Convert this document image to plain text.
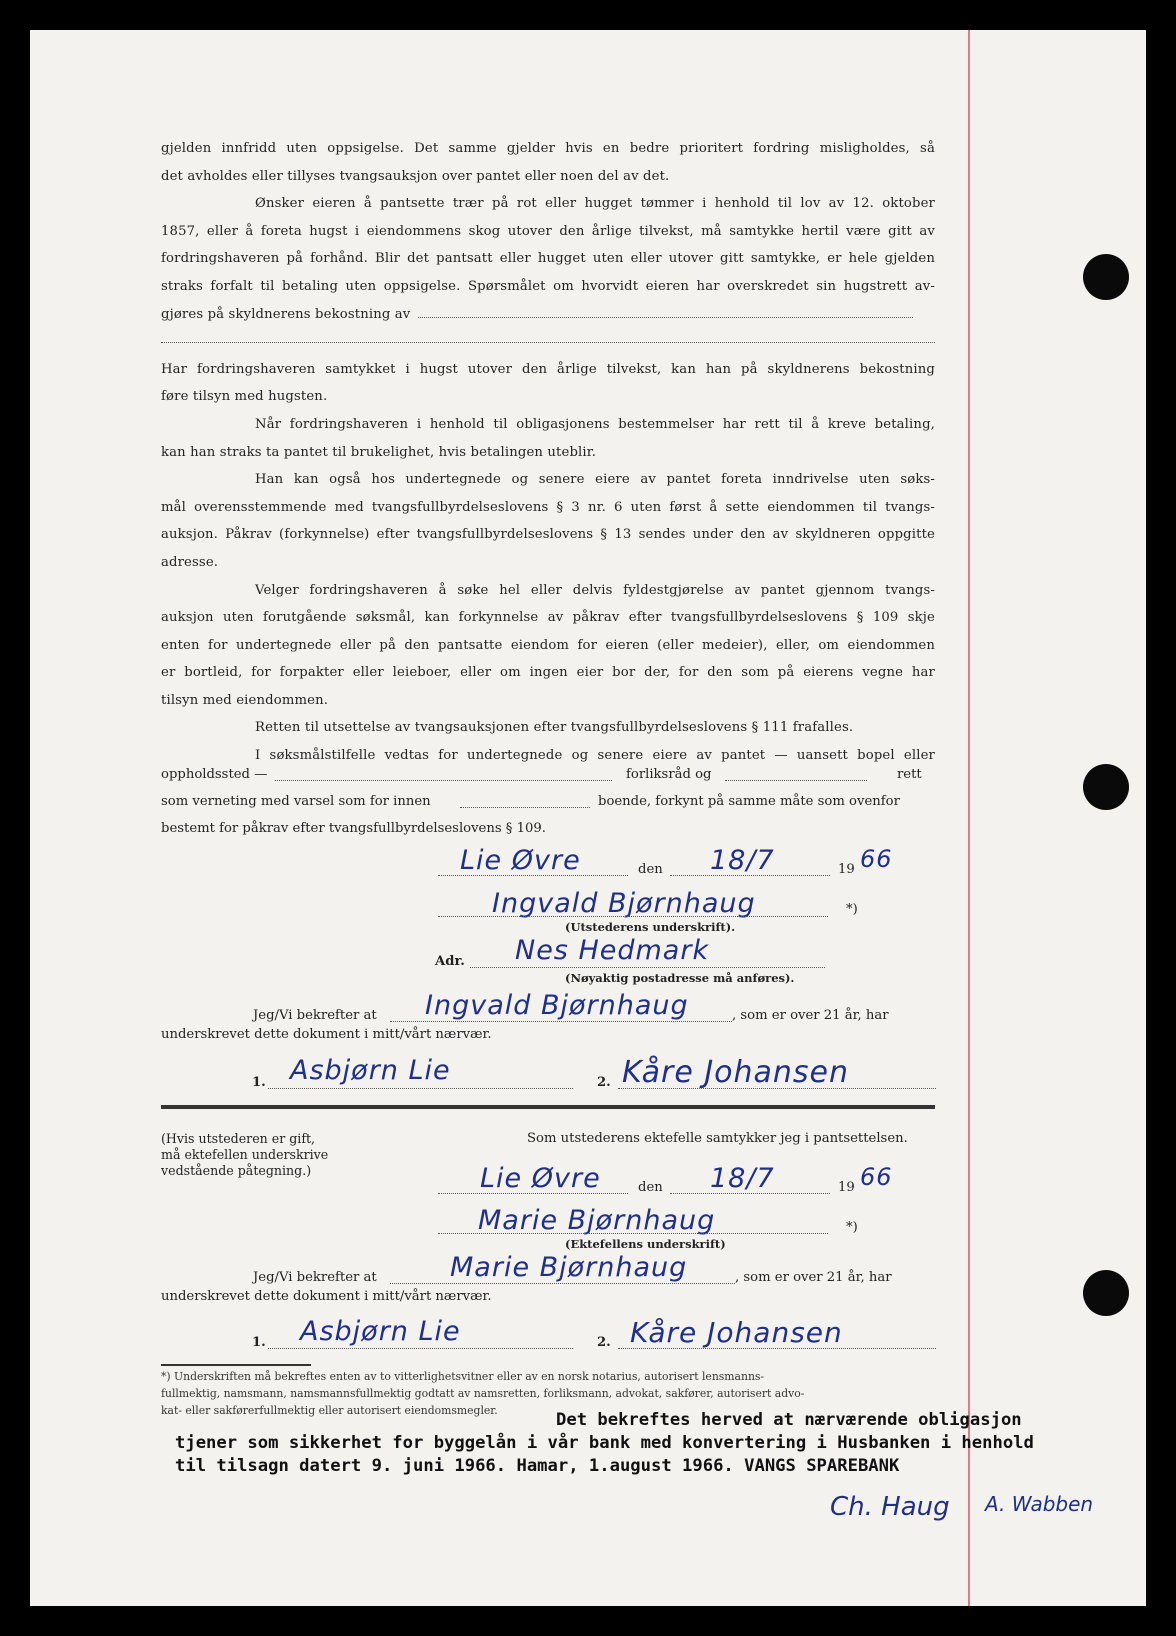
gjelden innfridd uten oppsigelse. Det samme gjelder hvis en bedre prioritert fordring misligholdes, så
det avholdes eller tillyses tvangsauksjon over pantet eller noen del av det.
Ønsker eieren å pantsette trær på rot eller hugget tømmer i henhold til lov av 12. oktober
1857, eller å foreta hugst i eiendommens skog utover den årlige tilvekst, må samtykke hertil være gitt av
fordringshaveren på forhånd. Blir det pantsatt eller hugget uten eller utover gitt samtykke, er hele gjelden
straks forfalt til betaling uten oppsigelse. Spørsmålet om hvorvidt eieren har overskredet sin hugstrett av-
gjøres på skyldnerens bekostning av
Har fordringshaveren samtykket i hugst utover den årlige tilvekst, kan han på skyldnerens bekostning
føre tilsyn med hugsten.
Når fordringshaveren i henhold til obligasjonens bestemmelser har rett til å kreve betaling,
kan han straks ta pantet til brukelighet, hvis betalingen uteblir.
Han kan også hos undertegnede og senere eiere av pantet foreta inndrivelse uten søks-
mål overensstemmende med tvangsfullbyrdelseslovens § 3 nr. 6 uten først å sette eiendommen til tvangs-
auksjon. Påkrav (forkynnelse) efter tvangsfullbyrdelseslovens § 13 sendes under den av skyldneren oppgitte
adresse.
Velger fordringshaveren å søke hel eller delvis fyldestgjørelse av pantet gjennom tvangs-
auksjon uten forutgående søksmål, kan forkynnelse av påkrav efter tvangsfullbyrdelseslovens § 109 skje
enten for undertegnede eller på den pantsatte eiendom for eieren (eller medeier), eller, om eiendommen
er bortleid, for forpakter eller leieboer, eller om ingen eier bor der, for den som på eierens vegne har
tilsyn med eiendommen.
Retten til utsettelse av tvangsauksjonen efter tvangsfullbyrdelseslovens § 111 frafalles.
I søksmålstilfelle vedtas for undertegnede og senere eiere av pantet — uansett bopel eller
oppholdssted —	forliksråd og	rett
som verneting med varsel som for innen	boende, forkynt på samme måte som ovenfor
bestemt for påkrav efter tvangsfullbyrdelseslovens § 109.
Lie Øvre	den 18/7	19 66
Ingvald Bjørnhaug	*)
(Utstederens underskrift).
Adr. Nes Hedmark
(Nøyaktig postadresse må anføres).
Jeg/Vi bekrefter at Ingvald Bjørnhaug	, som er over 21 år, har
underskrevet dette dokument i mitt/vårt nærvær.
1. Asbjørn Lie	2. Kåre Johansen
(Hvis utstederen er gift,
må ektefellen underskrive
vedstående påtegning.)
Som utstederens ektefelle samtykker jeg i pantsettelsen.
Lie Øvre	den 18/7	19 66
Marie Bjørnhaug	*)
(Ektefellens underskrift)
Jeg/Vi bekrefter at	Marie Bjørnhaug	, som er over 21 år, har
underskrevet dette dokument i mitt/vårt nærvær.
1. Asbjørn Lie	2. Kåre Johansen
*) Underskriften må bekreftes enten av to vitterlighetsvitner eller av en norsk notarius, autorisert lensmanns-
fullmektig, namsmann, namsmannsfullmektig godtatt av namsretten, forliksmann, advokat, sakfører, autorisert advo-
kat- eller sakførerfullmektig eller autorisert eiendomsmegler.	Det bekreftes herved at nærværende obligasjon
tjener som sikkerhet for byggelån i vår bank med konvertering i Husbanken i henhold
til tilsagn datert 9. juni 1966. Hamar, 1.august 1966. VANGS SPAREBANK
Ch. Haug A. Wabben
